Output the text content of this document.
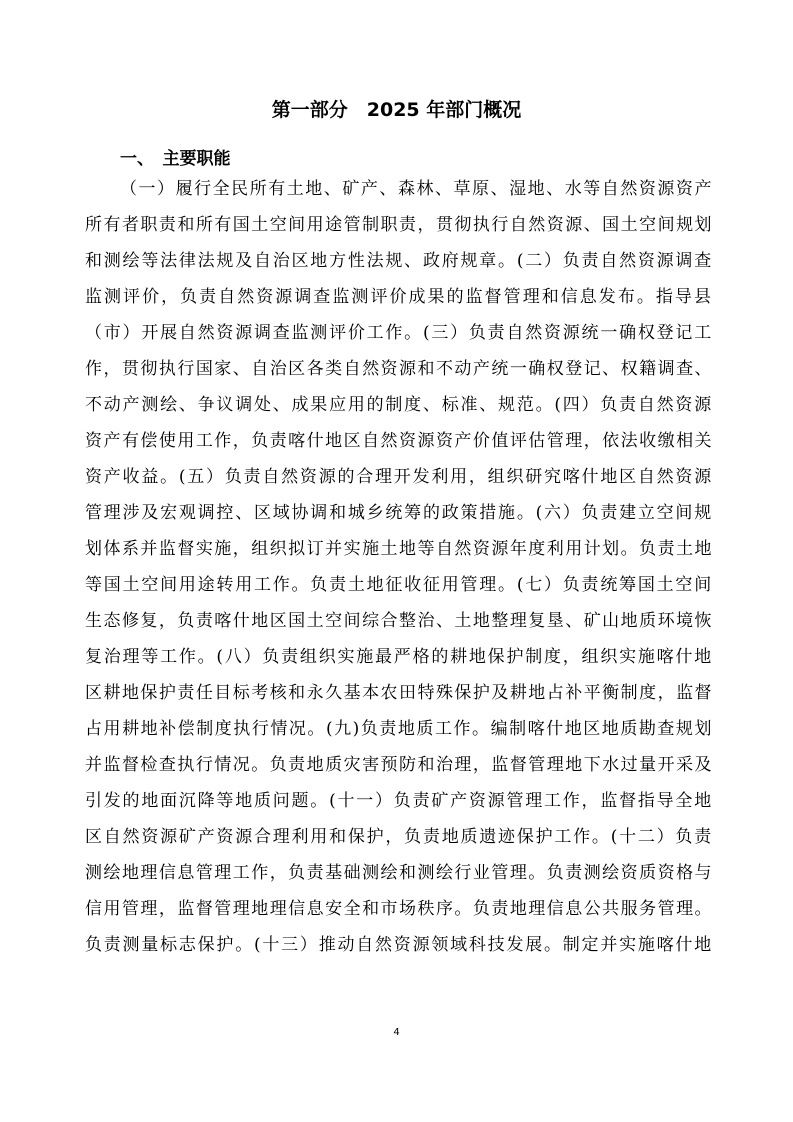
第一部分　2025 年部门概况
一、　主要职能
（一）履行全民所有土地、矿产、森林、草原、湿地、水等自然资源资产
所有者职责和所有国土空间用途管制职责，贯彻执行自然资源、国土空间规划
和测绘等法律法规及自治区地方性法规、政府规章。(二）负责自然资源调查
监测评价，负责自然资源调查监测评价成果的监督管理和信息发布。指导县
（市）开展自然资源调查监测评价工作。(三）负责自然资源统一确权登记工
作，贯彻执行国家、自治区各类自然资源和不动产统一确权登记、权籍调查、
不动产测绘、争议调处、成果应用的制度、标准、规范。(四）负责自然资源
资产有偿使用工作，负责喀什地区自然资源资产价值评估管理，依法收缴相关
资产收益。(五）负责自然资源的合理开发利用，组织研究喀什地区自然资源
管理涉及宏观调控、区域协调和城乡统筹的政策措施。(六）负责建立空间规
划体系并监督实施，组织拟订并实施土地等自然资源年度利用计划。负责土地
等国土空间用途转用工作。负责土地征收征用管理。(七）负责统筹国土空间
生态修复，负责喀什地区国土空间综合整治、土地整理复垦、矿山地质环境恢
复治理等工作。(八）负责组织实施最严格的耕地保护制度，组织实施喀什地
区耕地保护责任目标考核和永久基本农田特殊保护及耕地占补平衡制度，监督
占用耕地补偿制度执行情况。(九)负责地质工作。编制喀什地区地质勘查规划
并监督检查执行情况。负责地质灾害预防和治理，监督管理地下水过量开采及
引发的地面沉降等地质问题。(十一）负责矿产资源管理工作，监督指导全地
区自然资源矿产资源合理利用和保护，负责地质遗迹保护工作。(十二）负责
测绘地理信息管理工作，负责基础测绘和测绘行业管理。负责测绘资质资格与
信用管理，监督管理地理信息安全和市场秩序。负责地理信息公共服务管理。
负责测量标志保护。(十三）推动自然资源领域科技发展。制定并实施喀什地
4
